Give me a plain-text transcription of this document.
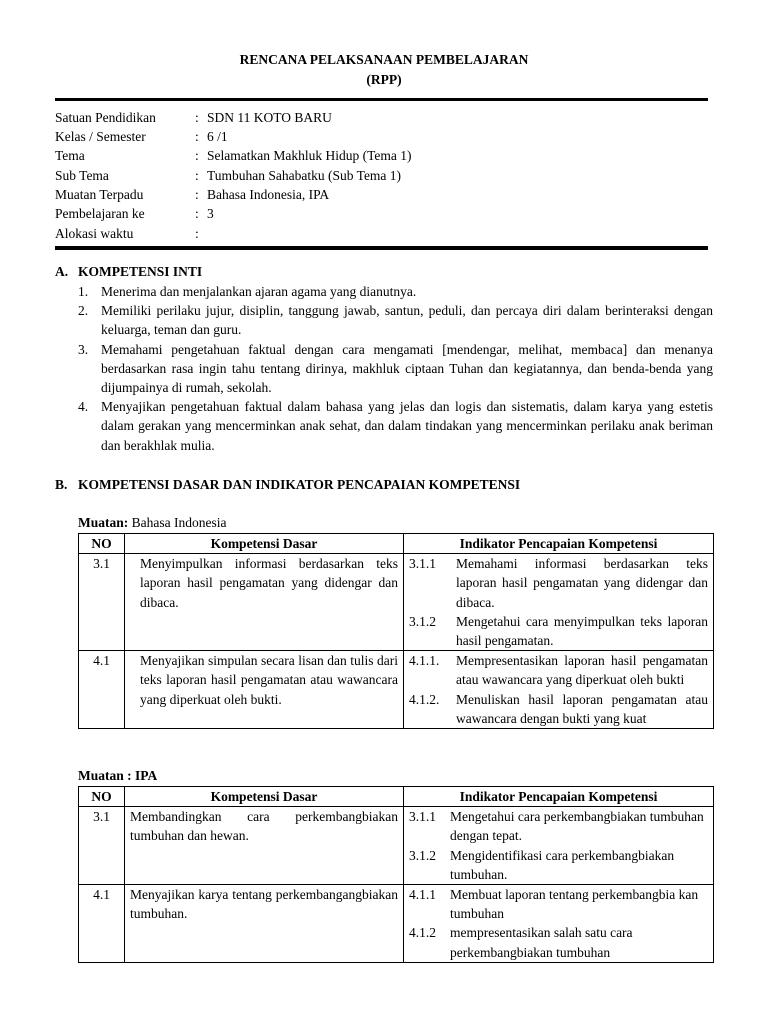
RENCANA PELAKSANAAN PEMBELAJARAN
(RPP)
Satuan Pendidikan	: SDN 11 KOTO BARU
Kelas / Semester	: 6 /1
Tema	: Selamatkan Makhluk Hidup (Tema 1)
Sub Tema	: Tumbuhan Sahabatku (Sub Tema 1)
Muatan Terpadu	: Bahasa Indonesia, IPA
Pembelajaran ke	: 3
Alokasi waktu	:
A. KOMPETENSI INTI
1. Menerima dan menjalankan ajaran agama yang dianutnya.
2. Memiliki perilaku jujur, disiplin, tanggung jawab, santun, peduli, dan percaya diri dalam berinteraksi dengan keluarga, teman dan guru.
3. Memahami pengetahuan faktual dengan cara mengamati [mendengar, melihat, membaca] dan menanya berdasarkan rasa ingin tahu tentang dirinya, makhluk ciptaan Tuhan dan kegiatannya, dan benda-benda yang dijumpainya di rumah, sekolah.
4. Menyajikan pengetahuan faktual dalam bahasa yang jelas dan logis dan sistematis, dalam karya yang estetis dalam gerakan yang mencerminkan anak sehat, dan dalam tindakan yang mencerminkan perilaku anak beriman dan berakhlak mulia.
B. KOMPETENSI DASAR DAN INDIKATOR PENCAPAIAN KOMPETENSI
Muatan: Bahasa Indonesia
NO	Kompetensi Dasar	Indikator Pencapaian Kompetensi
3.1	Menyimpulkan informasi berdasarkan teks laporan hasil pengamatan yang didengar dan dibaca.	3.1.1 Memahami informasi berdasarkan teks laporan hasil pengamatan yang didengar dan dibaca.
3.1.2 Mengetahui cara menyimpulkan teks laporan hasil pengamatan.

4.1	Menyajikan simpulan secara lisan dan tulis dari teks laporan hasil pengamatan atau wawancara yang diperkuat oleh bukti.	4.1.1. Mempresentasikan laporan hasil pengamatan atau wawancara yang diperkuat oleh bukti
4.1.2. Menuliskan hasil laporan pengamatan atau wawancara dengan bukti yang kuat
Muatan : IPA
NO	Kompetensi Dasar	Indikator Pencapaian Kompetensi
3.1	Membandingkan cara perkembangbiakan tumbuhan dan hewan.	3.1.1 Mengetahui cara perkembangbiakan tumbuhan dengan tepat.
3.1.2 Mengidentifikasi cara perkembangbiakan tumbuhan.

4.1	Menyajikan karya tentang perkembangangbiakan tumbuhan.	4.1.1 Membuat laporan tentang perkembangbia kan tumbuhan
4.1.2 mempresentasikan salah satu cara perkembangbiakan tumbuhan
